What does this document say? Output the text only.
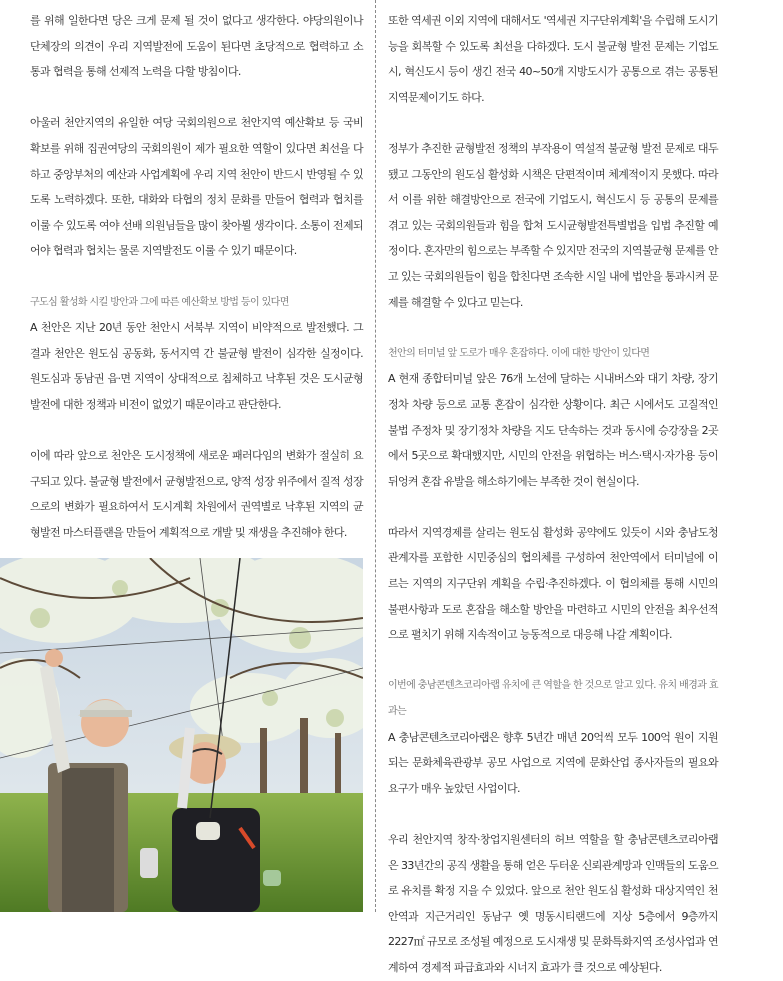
를 위해 일한다면 당은 크게 문제 될 것이 없다고 생각한다. 야당의원이나 단체장의 의견이 우리 지역발전에 도움이 된다면 초당적으로 협력하고 소통과 협력을 통해 선제적 노력을 다할 방침이다.

아울러 천안지역의 유일한 여당 국회의원으로 천안지역 예산확보 등 국비확보를 위해 집권여당의 국회의원이 제가 필요한 역할이 있다면 최선을 다하고 중앙부처의 예산과 사업계획에 우리 지역 천안이 반드시 반영될 수 있도록 노력하겠다. 또한, 대화와 타협의 정치 문화를 만들어 협력과 협치를 이룰 수 있도록 여야 선배 의원님들을 많이 찾아뵐 생각이다. 소통이 전제되어야 협력과 협치는 물론 지역발전도 이룰 수 있기 때문이다.

구도심 활성화 시킬 방안과 그에 따른 예산확보 방법 등이 있다면

A 천안은 지난 20년 동안 천안시 서북부 지역이 비약적으로 발전했다. 그 결과 천안은 원도심 공동화, 동서지역 간 불균형 발전이 심각한 실정이다. 원도심과 동남권 읍·면 지역이 상대적으로 침체하고 낙후된 것은 도시균형발전에 대한 정책과 비전이 없었기 때문이라고 판단한다.

이에 따라 앞으로 천안은 도시정책에 새로운 패러다임의 변화가 절실히 요구되고 있다. 불균형 발전에서 균형발전으로, 양적 성장 위주에서 질적 성장으로의 변화가 필요하여서 도시계획 차원에서 권역별로 낙후된 지역의 균형발전 마스터플랜을 만들어 계획적으로 개발 및 재생을 추진해야 한다.

또한 역세권 이외 지역에 대해서도 '역세권 지구단위계획'을 수립해 도시기능을 회복할 수 있도록 최선을 다하겠다. 도시 불균형 발전 문제는 기업도시, 혁신도시 등이 생긴 전국 40~50개 지방도시가 공통으로 겪는 공통된 지역문제이기도 하다.

정부가 추진한 균형발전 정책의 부작용이 역설적 불균형 발전 문제로 대두됐고 그동안의 원도심 활성화 시책은 단편적이며 체계적이지 못했다. 따라서 이를 위한 해결방안으로 전국에 기업도시, 혁신도시 등 공통의 문제를 겪고 있는 국회의원들과 힘을 합쳐 도시균형발전특별법을 입법 추진할 예정이다. 혼자만의 힘으로는 부족할 수 있지만 전국의 지역불균형 문제를 안고 있는 국회의원들이 힘을 합친다면 조속한 시일 내에 법안을 통과시켜 문제를 해결할 수 있다고 믿는다.

천안의 터미널 앞 도로가 매우 혼잡하다. 이에 대한 방안이 있다면

A 현재 종합터미널 앞은 76개 노선에 달하는 시내버스와 대기 차량, 장기정차 차량 등으로 교통 혼잡이 심각한 상황이다. 최근 시에서도 고질적인 불법 주정차 및 장기정차 차량을 지도 단속하는 것과 동시에 승강장을 2곳에서 5곳으로 확대했지만, 시민의 안전을 위협하는 버스·택시·자가용 등이 뒤엉켜 혼잡 유발을 해소하기에는 부족한 것이 현실이다.

따라서 지역경제를 살리는 원도심 활성화 공약에도 있듯이 시와 충남도청 관계자를 포함한 시민중심의 협의체를 구성하여 천안역에서 터미널에 이르는 지역의 지구단위 계획을 수립·추진하겠다. 이 협의체를 통해 시민의 불편사항과 도로 혼잡을 해소할 방안을 마련하고 시민의 안전을 최우선적으로 펼치기 위해 지속적이고 능동적으로 대응해 나갈 계획이다.

이번에 충남콘텐츠코리아랩 유치에 큰 역할을 한 것으로 알고 있다. 유치 배경과 효과는

A 충남콘텐츠코리아랩은 향후 5년간 매년 20억씩 모두 100억 원이 지원되는 문화체육관광부 공모 사업으로 지역에 문화산업 종사자들의 필요와 요구가 매우 높았던 사업이다.

우리 천안지역 창작·창업지원센터의 허브 역할을 할 충남콘텐츠코리아랩은 33년간의 공직 생활을 통해 얻은 두터운 신뢰관계망과 인맥들의 도움으로 유치를 확정 지을 수 있었다. 앞으로 천안 원도심 활성화 대상지역인 천안역과 지근거리인 동남구 옛 명동시티랜드에 지상 5층에서 9층까지 2227㎡ 규모로 조성될 예정으로 도시재생 및 문화특화지역 조성사업과 연계하여 경제적 파급효과와 시너지 효과가 클 것으로 예상된다.
